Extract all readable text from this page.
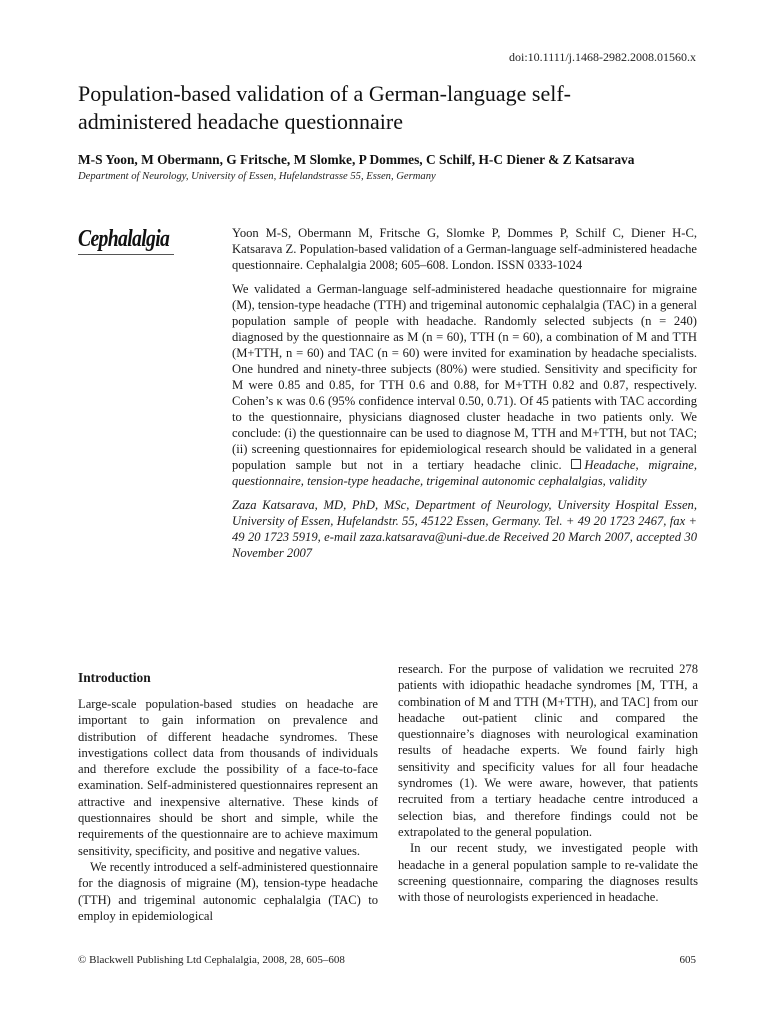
doi:10.1111/j.1468-2982.2008.01560.x
Population-based validation of a German-language self-administered headache questionnaire
M-S Yoon, M Obermann, G Fritsche, M Slomke, P Dommes, C Schilf, H-C Diener & Z Katsarava
Department of Neurology, University of Essen, Hufelandstrasse 55, Essen, Germany
Cephalalgia	Yoon M-S, Obermann M, Fritsche G, Slomke P, Dommes P, Schilf C, Diener H-C, Katsarava Z. Population-based validation of a German-language self-administered headache questionnaire. Cephalalgia 2008; 605–608. London. ISSN 0333-1024

We validated a German-language self-administered headache questionnaire for migraine (M), tension-type headache (TTH) and trigeminal autonomic cephalalgia (TAC) in a general population sample of people with headache. Randomly selected subjects (n = 240) diagnosed by the questionnaire as M (n = 60), TTH (n = 60), a combination of M and TTH (M+TTH, n = 60) and TAC (n = 60) were invited for examination by headache specialists. One hundred and ninety-three subjects (80%) were studied. Sensitivity and specificity for M were 0.85 and 0.85, for TTH 0.6 and 0.88, for M+TTH 0.82 and 0.87, respectively. Cohen’s κ was 0.6 (95% confidence interval 0.50, 0.71). Of 45 patients with TAC according to the questionnaire, physicians diagnosed cluster headache in two patients only. We conclude: (i) the questionnaire can be used to diagnose M, TTH and M+TTH, but not TAC; (ii) screening questionnaires for epidemiological research should be validated in a general population sample but not in a tertiary headache clinic. Headache, migraine, questionnaire, tension-type headache, trigeminal autonomic cephalalgias, validity

Zaza Katsarava, MD, PhD, MSc, Department of Neurology, University Hospital Essen, University of Essen, Hufelandstr. 55, 45122 Essen, Germany. Tel. + 49 20 1723 2467, fax + 49 20 1723 5919, e-mail zaza.katsarava@uni-due.de Received 20 March 2007, accepted 30 November 2007

Introduction

Large-scale population-based studies on headache are important to gain information on prevalence and distribution of different headache syndromes. These investigations collect data from thousands of individuals and therefore exclude the possibility of a face-to-face examination. Self-administered questionnaires represent an attractive and inexpensive alternative. These kinds of questionnaires should be short and simple, while the requirements of the questionnaire are to achieve maximum sensitivity, specificity, and positive and negative values.

We recently introduced a self-administered questionnaire for the diagnosis of migraine (M), tension-type headache (TTH) and trigeminal autonomic cephalalgia (TAC) to employ in epidemiological

research. For the purpose of validation we recruited 278 patients with idiopathic headache syndromes [M, TTH, a combination of M and TTH (M+TTH), and TAC] from our headache out-patient clinic and compared the questionnaire’s diagnoses with neurological examination results of headache experts. We found fairly high sensitivity and specificity values for all four headache syndromes (1). We were aware, however, that patients recruited from a tertiary headache centre introduced a selection bias, and therefore findings could not be extrapolated to the general population.

In our recent study, we investigated people with headache in a general population sample to re-validate the screening questionnaire, comparing the diagnoses results with those of neurologists experienced in headache.

© Blackwell Publishing Ltd Cephalalgia, 2008, 28, 605–608	605
